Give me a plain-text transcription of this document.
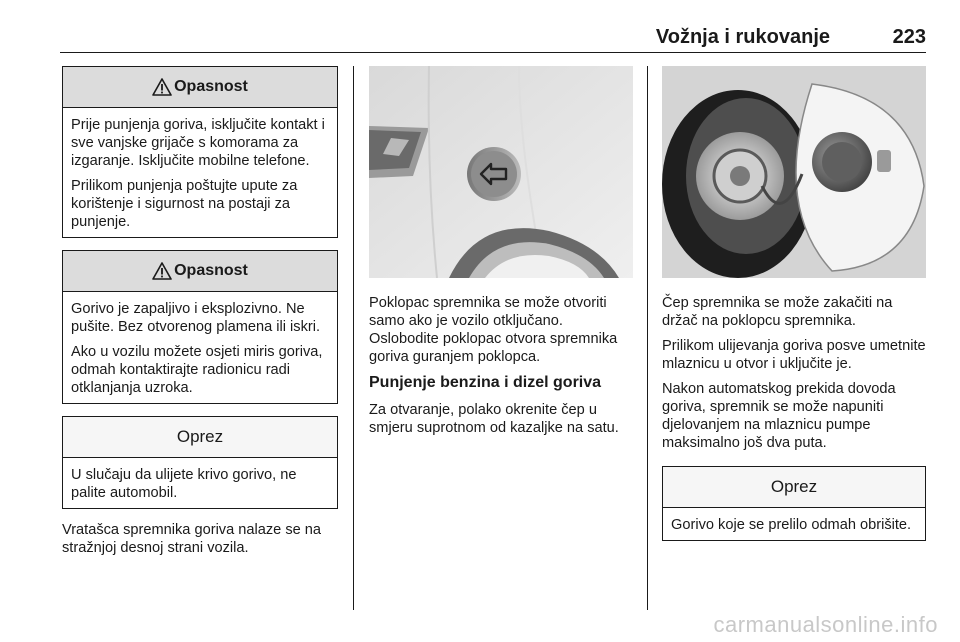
Vožnja i rukovanje	223
Opasnost

Prije punjenja goriva, isključite kontakt i sve vanjske grijače s komorama za izgaranje. Isključite mobilne telefone.

Prilikom punjenja poštujte upute za korištenje i sigurnost na postaji za punjenje.

Opasnost

Gorivo je zapaljivo i eksplozivno. Ne pušite. Bez otvorenog plamena ili iskri.

Ako u vozilu možete osjeti miris goriva, odmah kontaktirajte radionicu radi otklanjanja uzroka.

Oprez

U slučaju da ulijete krivo gorivo, ne palite automobil.

Vratašca spremnika goriva nalaze se na stražnjoj desnoj strani vozila.

Poklopac spremnika se može otvoriti samo ako je vozilo otključano. Oslobodite poklopac otvora spremnika goriva guranjem poklopca.

Punjenje benzina i dizel goriva

Za otvaranje, polako okrenite čep u smjeru suprotnom od kazaljke na satu.

Čep spremnika se može zakačiti na držač na poklopcu spremnika.

Prilikom ulijevanja goriva posve umetnite mlaznicu u otvor i uključite je.

Nakon automatskog prekida dovoda goriva, spremnik se može napuniti djelovanjem na mlaznicu pumpe maksimalno još dva puta.

Oprez

Gorivo koje se prelilo odmah obrišite.

carmanualsonline.info
